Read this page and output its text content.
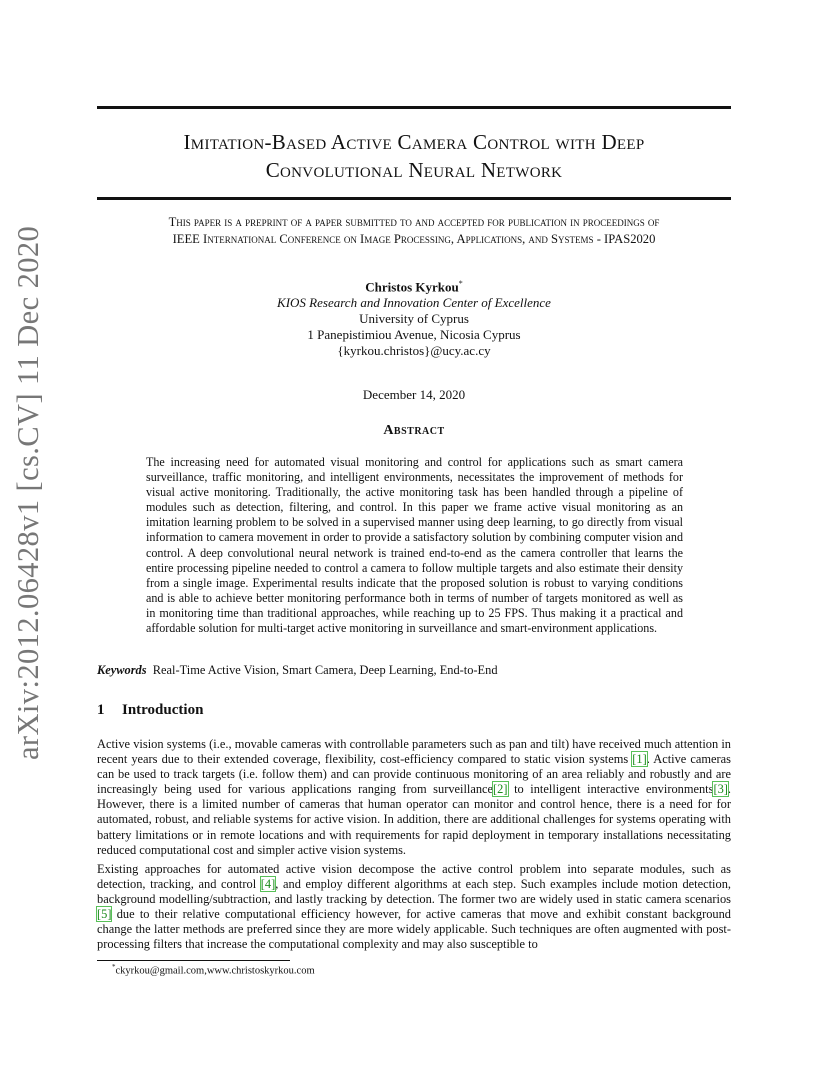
arXiv:2012.06428v1 [cs.CV] 11 Dec 2020
Imitation-Based Active Camera Control with Deep
Convolutional Neural Network
This paper is a preprint of a paper submitted to and accepted for publication in proceedings of
IEEE International Conference on Image Processing, Applications, and Systems - IPAS2020
Christos Kyrkou*
KIOS Research and Innovation Center of Excellence
University of Cyprus
1 Panepistimiou Avenue, Nicosia Cyprus
{kyrkou.christos}@ucy.ac.cy
December 14, 2020
Abstract
The increasing need for automated visual monitoring and control for applications such as smart camera surveillance, traffic monitoring, and intelligent environments, necessitates the improvement of methods for visual active monitoring. Traditionally, the active monitoring task has been handled through a pipeline of modules such as detection, filtering, and control. In this paper we frame active visual monitoring as an imitation learning problem to be solved in a supervised manner using deep learning, to go directly from visual information to camera movement in order to provide a satisfactory solution by combining computer vision and control. A deep convolutional neural network is trained end-to-end as the camera controller that learns the entire processing pipeline needed to control a camera to follow multiple targets and also estimate their density from a single image. Experimental results indicate that the proposed solution is robust to varying conditions and is able to achieve better monitoring performance both in terms of number of targets monitored as well as in monitoring time than traditional approaches, while reaching up to 25 FPS. Thus making it a practical and affordable solution for multi-target active monitoring in surveillance and smart-environment applications.
Keywords Real-Time Active Vision, Smart Camera, Deep Learning, End-to-End
1 Introduction
Active vision systems (i.e., movable cameras with controllable parameters such as pan and tilt) have received much attention in recent years due to their extended coverage, flexibility, cost-efficiency compared to static vision systems [1]. Active cameras can be used to track targets (i.e. follow them) and can provide continuous monitoring of an area reliably and robustly and are increasingly being used for various applications ranging from surveillance[2] to intelligent interactive environments[3]. However, there is a limited number of cameras that human operator can monitor and control hence, there is a need for for automated, robust, and reliable systems for active vision. In addition, there are additional challenges for systems operating with battery limitations or in remote locations and with requirements for rapid deployment in temporary installations necessitating reduced computational cost and simpler active vision systems.
Existing approaches for automated active vision decompose the active control problem into separate modules, such as detection, tracking, and control [4], and employ different algorithms at each step. Such examples include motion detection, background modelling/subtraction, and lastly tracking by detection. The former two are widely used in static camera scenarios [5] due to their relative computational efficiency however, for active cameras that move and exhibit constant background change the latter methods are preferred since they are more widely applicable. Such techniques are often augmented with post-processing filters that increase the computational complexity and may also susceptible to
*ckyrkou@gmail.com,www.christoskyrkou.com
